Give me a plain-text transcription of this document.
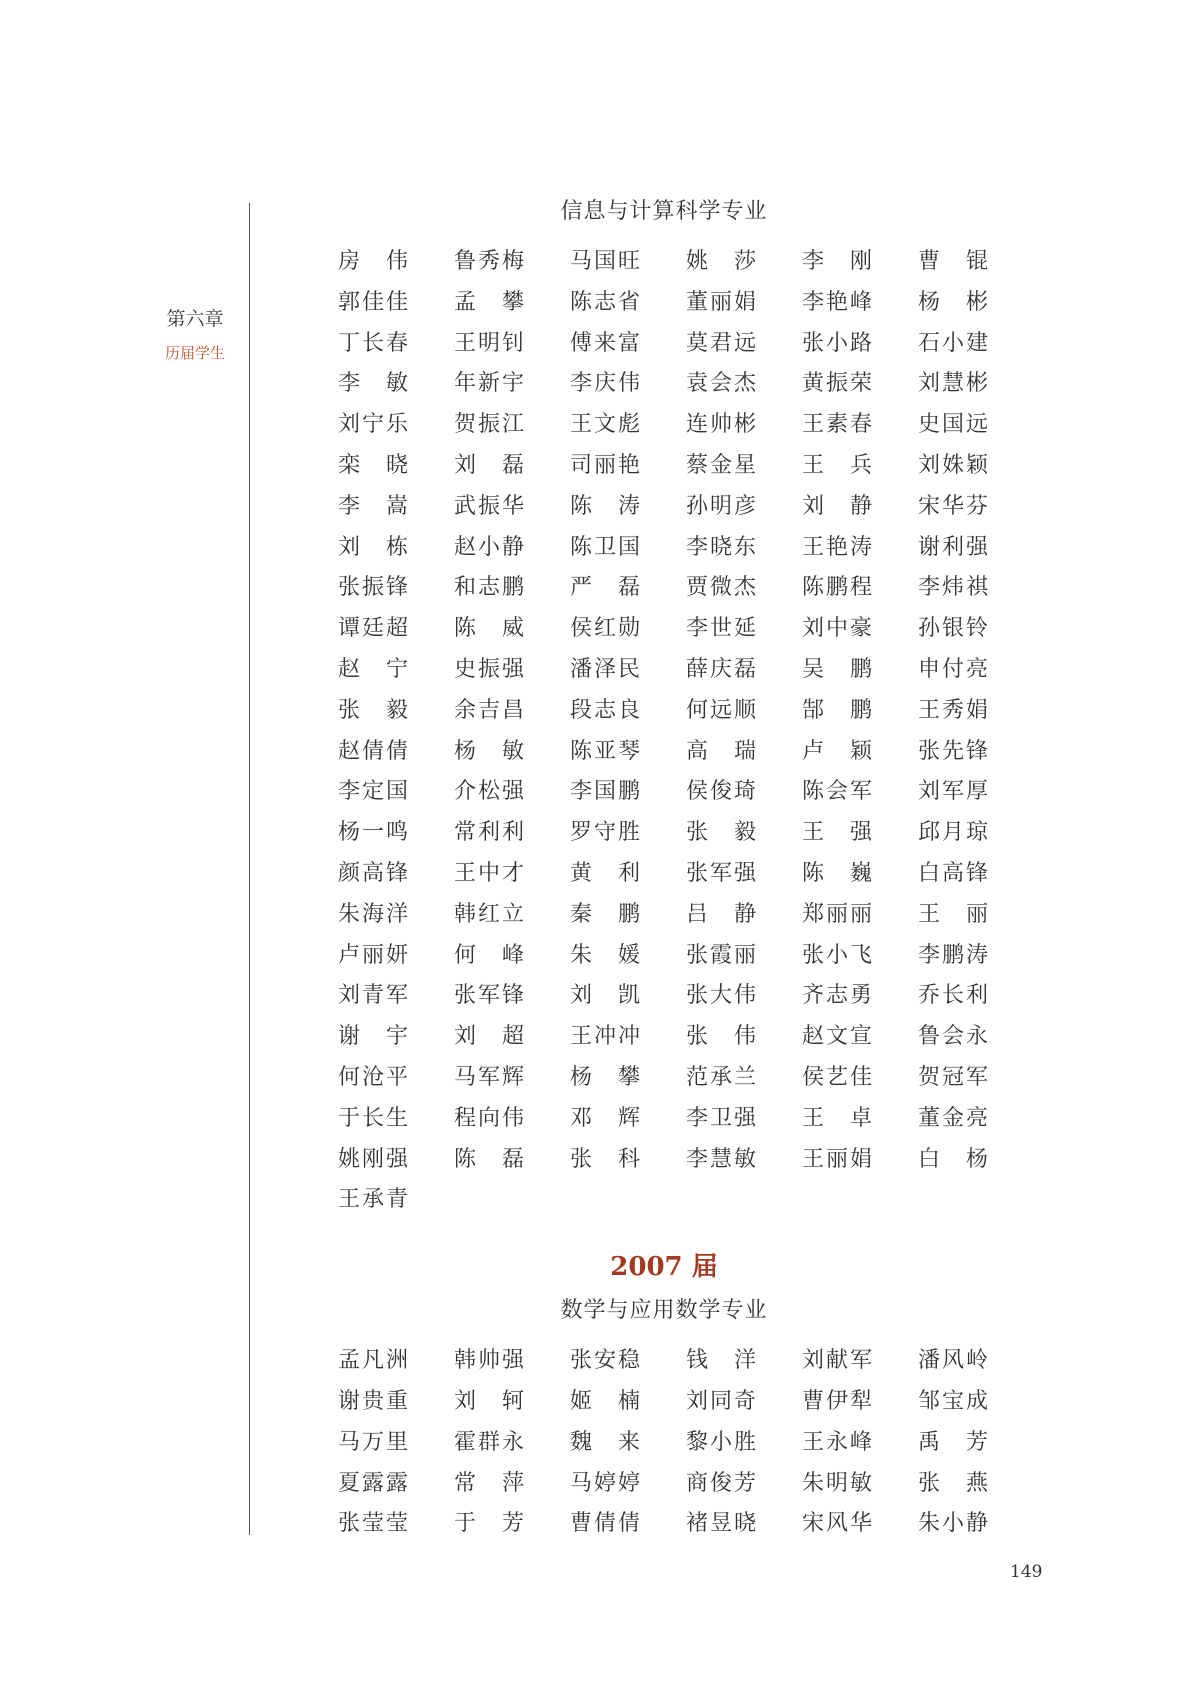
第六章
历届学生
信息与计算科学专业
房伟 鲁秀梅 马国旺 姚莎 李刚 曹锟
郭佳佳 孟攀 陈志省 董丽娟 李艳峰 杨彬
丁长春 王明钊 傅来富 莫君远 张小路 石小建
李敏 年新宇 李庆伟 袁会杰 黄振荣 刘慧彬
刘宁乐 贺振江 王文彪 连帅彬 王素春 史国远
栾晓 刘磊 司丽艳 蔡金星 王兵 刘姝颖
李嵩 武振华 陈涛 孙明彦 刘静 宋华芬
刘栋 赵小静 陈卫国 李晓东 王艳涛 谢利强
张振锋 和志鹏 严磊 贾微杰 陈鹏程 李炜祺
谭廷超 陈威 侯红勋 李世延 刘中豪 孙银铃
赵宁 史振强 潘泽民 薛庆磊 吴鹏 申付亮
张毅 余吉昌 段志良 何远顺 郜鹏 王秀娟
赵倩倩 杨敏 陈亚琴 高瑞 卢颖 张先锋
李定国 介松强 李国鹏 侯俊琦 陈会军 刘军厚
杨一鸣 常利利 罗守胜 张毅 王强 邱月琼
颜高锋 王中才 黄利 张军强 陈巍 白高锋
朱海洋 韩红立 秦鹏 吕静 郑丽丽 王丽
卢丽妍 何峰 朱媛 张霞丽 张小飞 李鹏涛
刘青军 张军锋 刘凯 张大伟 齐志勇 乔长利
谢宇 刘超 王冲冲 张伟 赵文宣 鲁会永
何沧平 马军辉 杨攀 范承兰 侯艺佳 贺冠军
于长生 程向伟 邓辉 李卫强 王卓 董金亮
姚刚强 陈磊 张科 李慧敏 王丽娟 白杨
王承青
2007 届
数学与应用数学专业
孟凡洲 韩帅强 张安稳 钱洋 刘献军 潘风岭
谢贵重 刘轲 姬楠 刘同奇 曹伊犁 邹宝成
马万里 霍群永 魏来 黎小胜 王永峰 禹芳
夏露露 常萍 马婷婷 商俊芳 朱明敏 张燕
张莹莹 于芳 曹倩倩 褚昱晓 宋风华 朱小静
149
